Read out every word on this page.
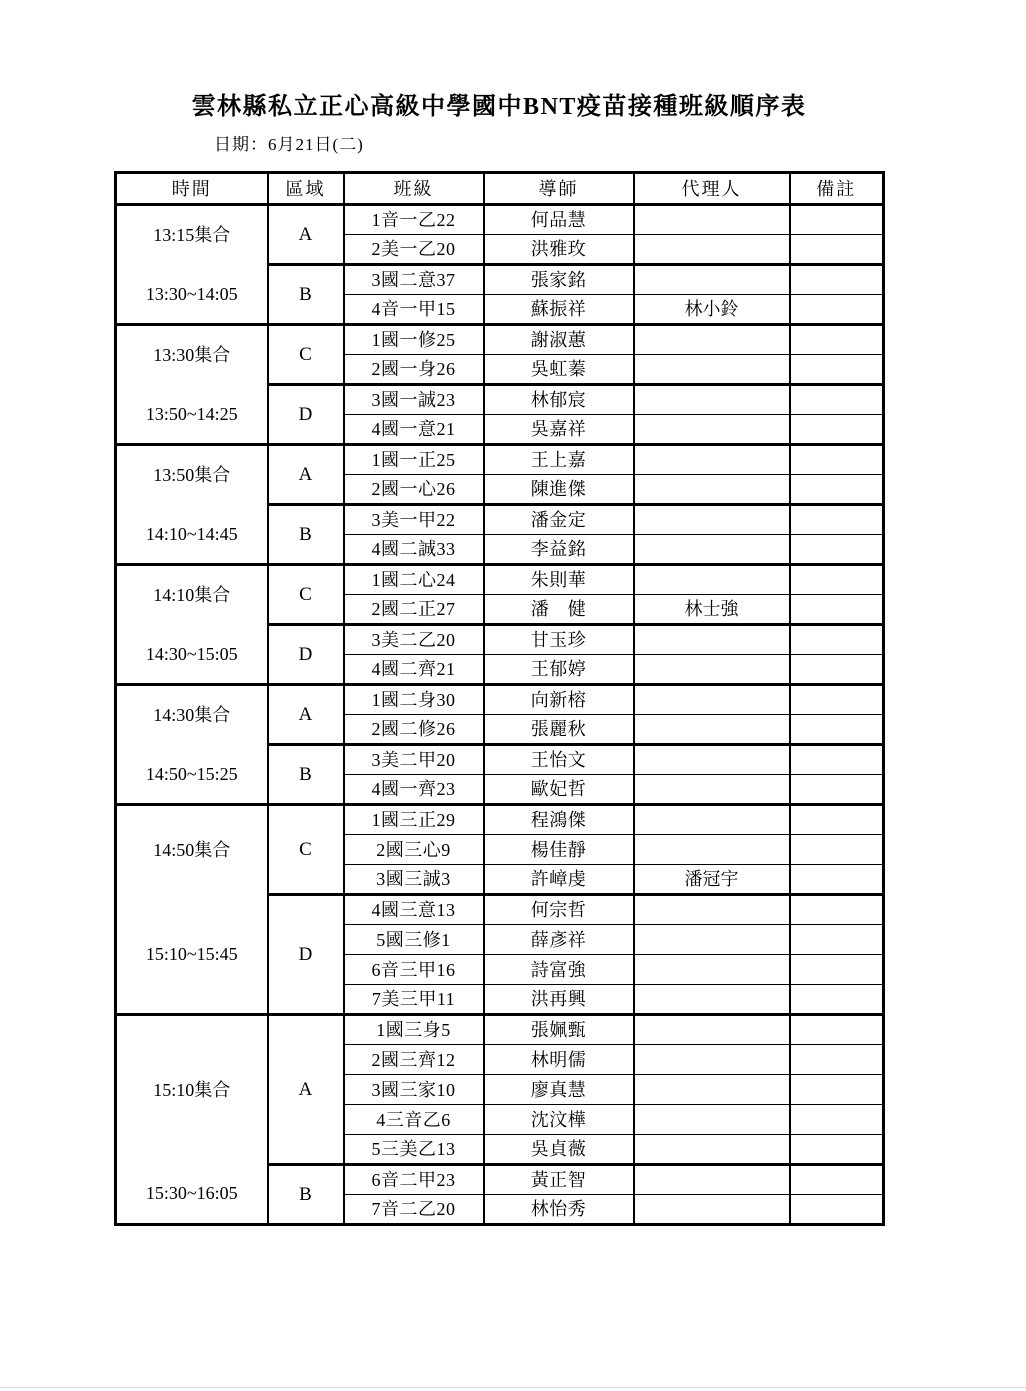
雲林縣私立正心高級中學國中BNT疫苗接種班級順序表
日期：6月21日(二)
時間	區域	班級	導師	代理人	備註

13:15集合
13:30~14:05	A	1音一乙22	何品慧		
		2美一乙20	洪雅玫		
	B	3國二意37	張家銘		
		4音一甲15	蘇振祥	林小鈴	

13:30集合
13:50~14:25	C	1國一修25	謝淑蕙		
		2國一身26	吳虹蓁		
	D	3國一誠23	林郁宸		
		4國一意21	吳嘉祥		

13:50集合
14:10~14:45	A	1國一正25	王上嘉		
		2國一心26	陳進傑		
	B	3美一甲22	潘金定		
		4國二誠33	李益銘		

14:10集合
14:30~15:05	C	1國二心24	朱則華		
		2國二正27	潘　健	林士強	
	D	3美二乙20	甘玉珍		
		4國二齊21	王郁婷		

14:30集合
14:50~15:25	A	1國二身30	向新榕		
		2國二修26	張麗秋		
	B	3美二甲20	王怡文		
		4國一齊23	歐妃哲		

14:50集合
15:10~15:45	C	1國三正29	程鴻傑		
		2國三心9	楊佳靜		
		3國三誠3	許嶂虔	潘冠宇	
	D	4國三意13	何宗哲		
		5國三修1	薛彥祥		
		6音三甲16	詩富強		
		7美三甲11	洪再興		

15:10集合
15:30~16:05	A	1國三身5	張姵甄		
		2國三齊12	林明儒		
		3國三家10	廖真慧		
		4三音乙6	沈汶樺		
		5三美乙13	吳貞薇		
	B	6音二甲23	黃正智		
		7音二乙20	林怡秀		
